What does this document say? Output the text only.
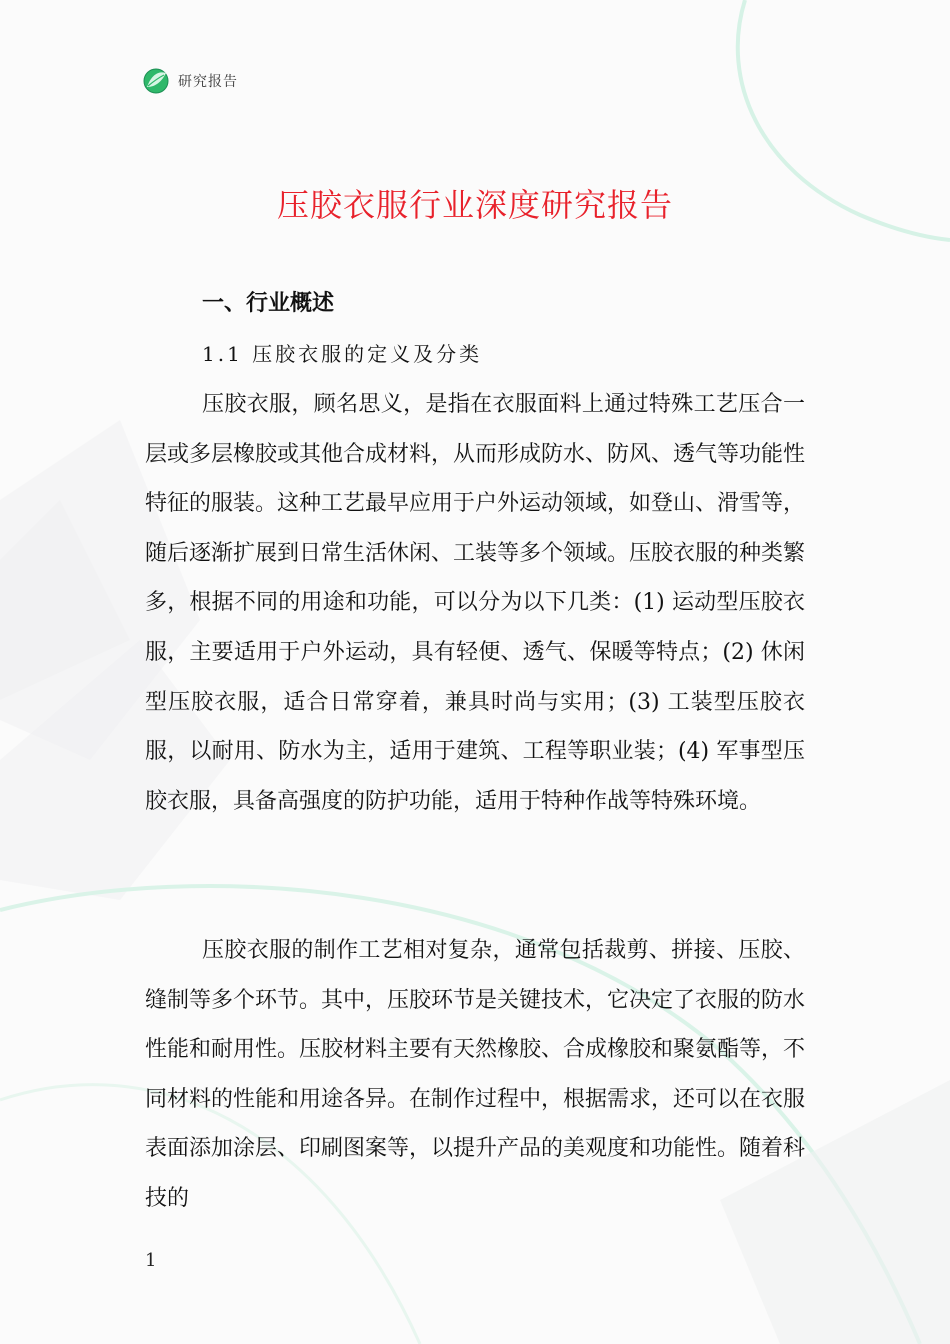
研究报告
压胶衣服行业深度研究报告
一、行业概述
1.1 压胶衣服的定义及分类

压胶衣服，顾名思义，是指在衣服面料上通过特殊工艺压合一层或多层橡胶或其他合成材料，从而形成防水、防风、透气等功能性特征的服装。这种工艺最早应用于户外运动领域，如登山、滑雪等，随后逐渐扩展到日常生活休闲、工装等多个领域。压胶衣服的种类繁多，根据不同的用途和功能，可以分为以下几类：(1) 运动型压胶衣服，主要适用于户外运动，具有轻便、透气、保暖等特点；(2) 休闲型压胶衣服，适合日常穿着，兼具时尚与实用；(3) 工装型压胶衣服，以耐用、防水为主，适用于建筑、工程等职业装；(4) 军事型压胶衣服，具备高强度的防护功能，适用于特种作战等特殊环境。

压胶衣服的制作工艺相对复杂，通常包括裁剪、拼接、压胶、缝制等多个环节。其中，压胶环节是关键技术，它决定了衣服的防水性能和耐用性。压胶材料主要有天然橡胶、合成橡胶和聚氨酯等，不同材料的性能和用途各异。在制作过程中，根据需求，还可以在衣服表面添加涂层、印刷图案等，以提升产品的美观度和功能性。随着科技的

1
